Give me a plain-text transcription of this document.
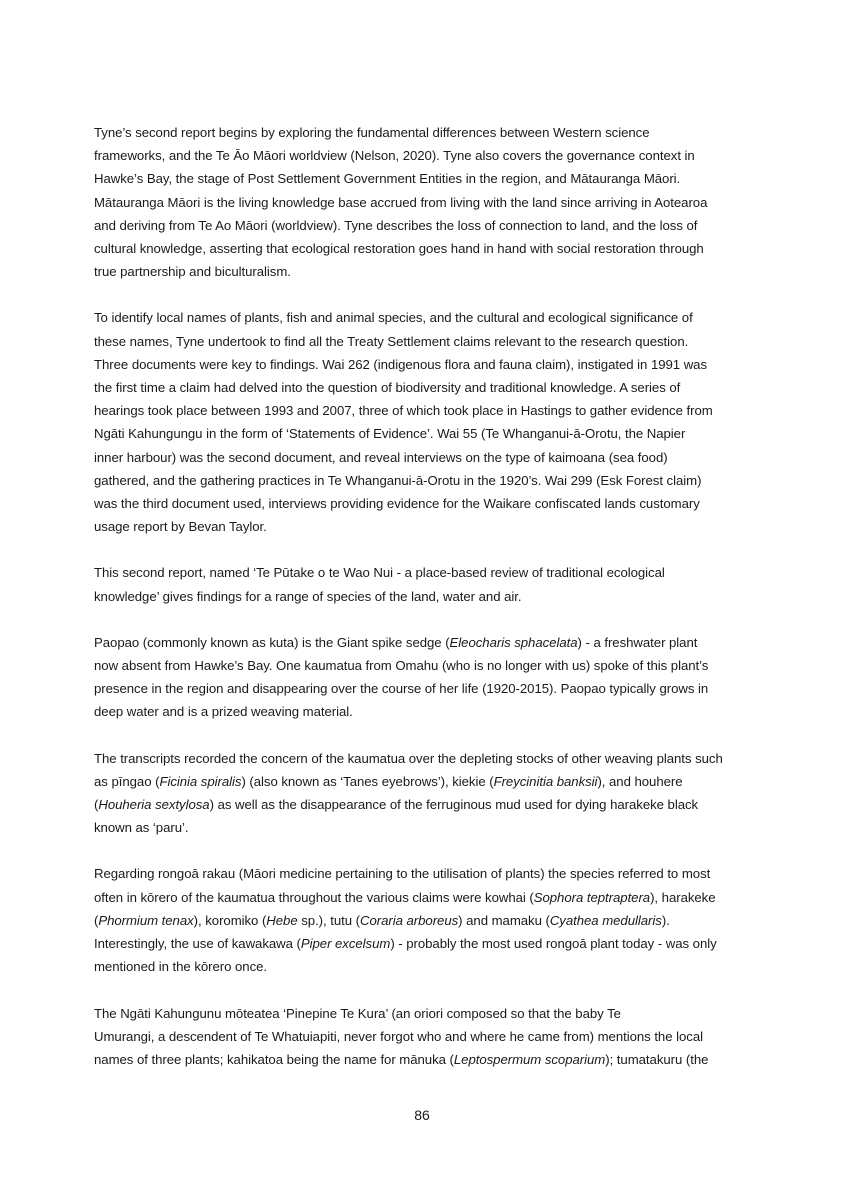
Tyne’s second report begins by exploring the fundamental differences between Western science
frameworks, and the Te Āo Māori worldview (Nelson, 2020). Tyne also covers the governance context in
Hawke’s Bay, the stage of Post Settlement Government Entities in the region, and Mātauranga Māori.
Mātauranga Māori is the living knowledge base accrued from living with the land since arriving in Aotearoa
and deriving from Te Ao Māori (worldview). Tyne describes the loss of connection to land, and the loss of
cultural knowledge, asserting that ecological restoration goes hand in hand with social restoration through
true partnership and biculturalism.

To identify local names of plants, fish and animal species, and the cultural and ecological significance of
these names, Tyne undertook to find all the Treaty Settlement claims relevant to the research question.
Three documents were key to findings. Wai 262 (indigenous flora and fauna claim), instigated in 1991 was
the first time a claim had delved into the question of biodiversity and traditional knowledge. A series of
hearings took place between 1993 and 2007, three of which took place in Hastings to gather evidence from
Ngāti Kahungungu in the form of ‘Statements of Evidence’. Wai 55 (Te Whanganui-ā-Orotu, the Napier
inner harbour) was the second document, and reveal interviews on the type of kaimoana (sea food)
gathered, and the gathering practices in Te Whanganui-ā-Orotu in the 1920’s. Wai 299 (Esk Forest claim)
was the third document used, interviews providing evidence for the Waikare confiscated lands customary
usage report by Bevan Taylor.

This second report, named ‘Te Pūtake o te Wao Nui - a place-based review of traditional ecological
knowledge’ gives findings for a range of species of the land, water and air.

Paopao (commonly known as kuta) is the Giant spike sedge (Eleocharis sphacelata) - a freshwater plant
now absent from Hawke’s Bay. One kaumatua from Omahu (who is no longer with us) spoke of this plant’s
presence in the region and disappearing over the course of her life (1920-2015). Paopao typically grows in
deep water and is a prized weaving material.

The transcripts recorded the concern of the kaumatua over the depleting stocks of other weaving plants such
as pīngao (Ficinia spiralis) (also known as ‘Tanes eyebrows’), kiekie (Freycinitia banksii), and houhere
(Houheria sextylosa) as well as the disappearance of the ferruginous mud used for dying harakeke black
known as ‘paru’.

Regarding rongoā rakau (Māori medicine pertaining to the utilisation of plants) the species referred to most
often in kōrero of the kaumatua throughout the various claims were kowhai (Sophora teptraptera), harakeke
(Phormium tenax), koromiko (Hebe sp.), tutu (Coraria arboreus) and mamaku (Cyathea medullaris).
Interestingly, the use of kawakawa (Piper excelsum) - probably the most used rongoā plant today - was only
mentioned in the kōrero once.

The Ngāti Kahungunu mōteatea ‘Pinepine Te Kura’ (an oriori composed so that the baby Te
Umurangi, a descendent of Te Whatuiapiti, never forgot who and where he came from) mentions the local
names of three plants; kahikatoa being the name for mānuka (Leptospermum scoparium); tumatakuru (the

86
